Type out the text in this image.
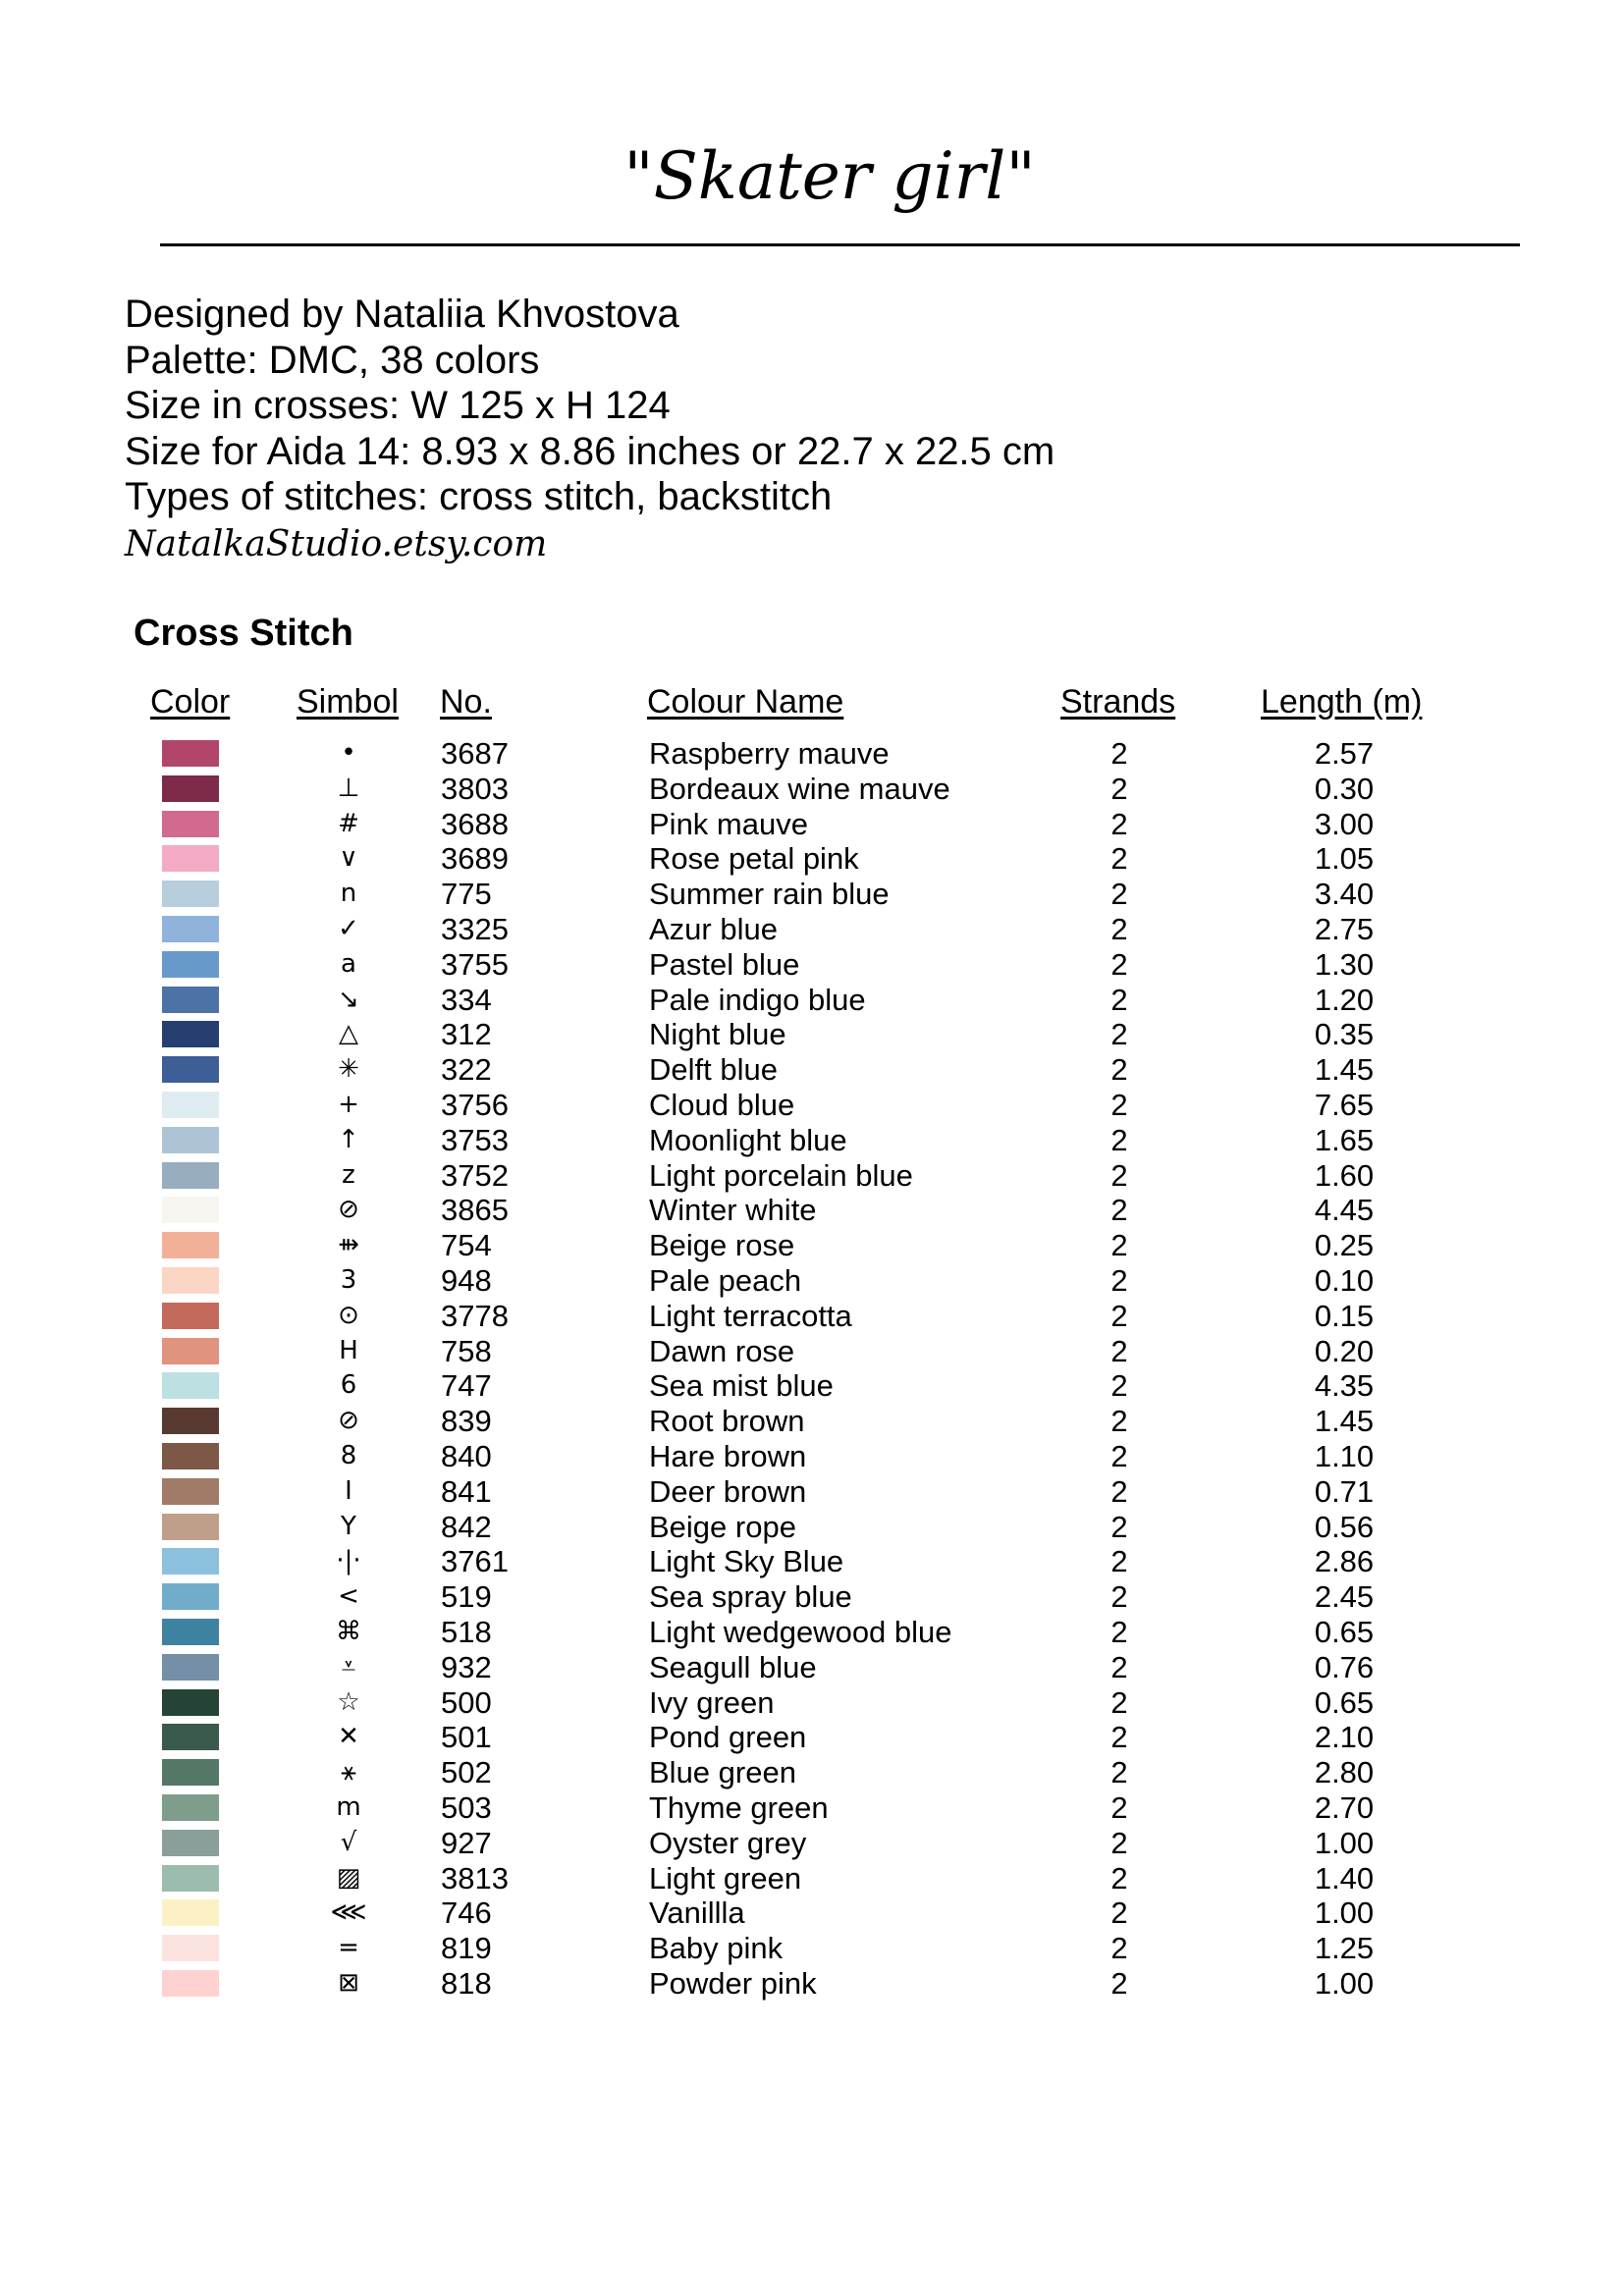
"Skater girl"
Designed by Nataliia Khvostova
Palette: DMC, 38 colors
Size in crosses: W 125 x H 124
Size for Aida 14: 8.93 x 8.86 inches or 22.7 x 22.5 cm
Types of stitches: cross stitch, backstitch
NatalkaStudio.etsy.com
Cross Stitch
Color Simbol No.	Colour Name	Strands	Length (m)
•	3687	Raspberry mauve	2	2.57
⊥	3803	Bordeaux wine mauve	2	0.30
#	3688	Pink mauve	2	3.00
∨	3689	Rose petal pink	2	1.05
n	775	Summer rain blue	2	3.40
✓	3325	Azur blue	2	2.75
a	3755	Pastel blue	2	1.30
↘	334	Pale indigo blue	2	1.20
△	312	Night blue	2	0.35
✳	322	Delft blue	2	1.45
+	3756	Cloud blue	2	7.65
↑	3753	Moonlight blue	2	1.65
z	3752	Light porcelain blue	2	1.60
⊘	3865	Winter white	2	4.45
⇻	754	Beige rose	2	0.25
3	948	Pale peach	2	0.10
⊙	3778	Light terracotta	2	0.15
H	758	Dawn rose	2	0.20
6	747	Sea mist blue	2	4.35
⊘	839	Root brown	2	1.45
8	840	Hare brown	2	1.10
I	841	Deer brown	2	0.71
Y	842	Beige rope	2	0.56
·|·	3761	Light Sky Blue	2	2.86
<	519	Sea spray blue	2	2.45
⌘	518	Light wedgewood blue	2	0.65
⩡	932	Seagull blue	2	0.76
☆	500	Ivy green	2	0.65
✕	501	Pond green	2	2.10
⚹	502	Blue green	2	2.80
m	503	Thyme green	2	2.70
√	927	Oyster grey	2	1.00
▨	3813	Light green	2	1.40
⋘ 746	Vanillla	2	1.00
=	819	Baby pink	2	1.25
⊠	818	Powder pink	2	1.00
